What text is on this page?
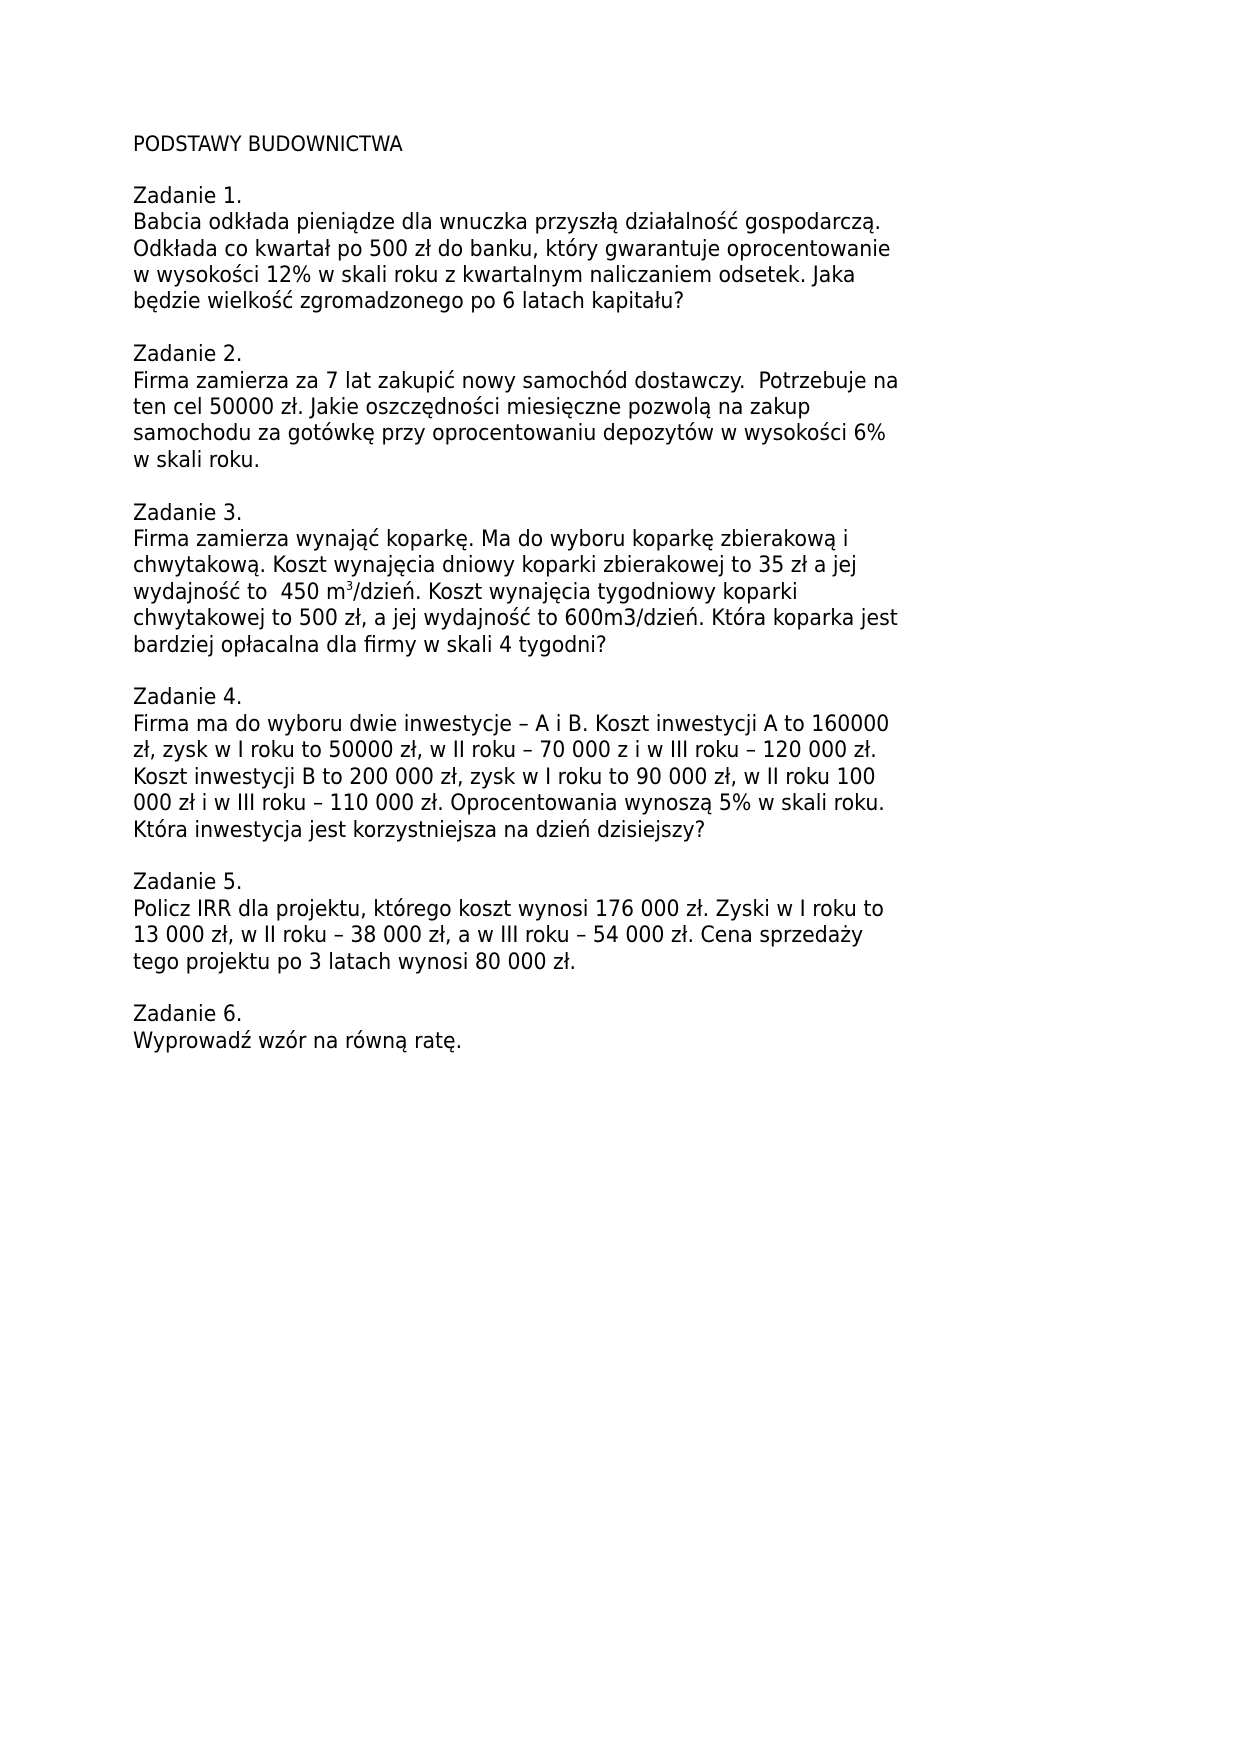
PODSTAWY BUDOWNICTWA
Zadanie 1.
Babcia odkłada pieniądze dla wnuczka przyszłą działalność gospodarczą.
Odkłada co kwartał po 500 zł do banku, który gwarantuje oprocentowanie
w wysokości 12% w skali roku z kwartalnym naliczaniem odsetek. Jaka
będzie wielkość zgromadzonego po 6 latach kapitału?
Zadanie 2.
Firma zamierza za 7 lat zakupić nowy samochód dostawczy.  Potrzebuje na
ten cel 50000 zł. Jakie oszczędności miesięczne pozwolą na zakup
samochodu za gotówkę przy oprocentowaniu depozytów w wysokości 6%
w skali roku.
Zadanie 3.
Firma zamierza wynająć koparkę. Ma do wyboru koparkę zbierakową i
chwytakową. Koszt wynajęcia dniowy koparki zbierakowej to 35 zł a jej
wydajność to  450 $m^3$/dzień. Koszt wynajęcia tygodniowy koparki
chwytakowej to 500 zł, a jej wydajność to 600m3/dzień. Która koparka jest
bardziej opłacalna dla firmy w skali 4 tygodni?
Zadanie 4.
Firma ma do wyboru dwie inwestycje – A i B. Koszt inwestycji A to 160000
zł, zysk w I roku to 50000 zł, w II roku – 70 000 z i w III roku – 120 000 zł.
Koszt inwestycji B to 200 000 zł, zysk w I roku to 90 000 zł, w II roku 100
000 zł i w III roku – 110 000 zł. Oprocentowania wynoszą 5% w skali roku.
Która inwestycja jest korzystniejsza na dzień dzisiejszy?
Zadanie 5.
Policz IRR dla projektu, którego koszt wynosi 176 000 zł. Zyski w I roku to
13 000 zł, w II roku – 38 000 zł, a w III roku – 54 000 zł. Cena sprzedaży
tego projektu po 3 latach wynosi 80 000 zł.
Zadanie 6.
Wyprowadź wzór na równą ratę.
